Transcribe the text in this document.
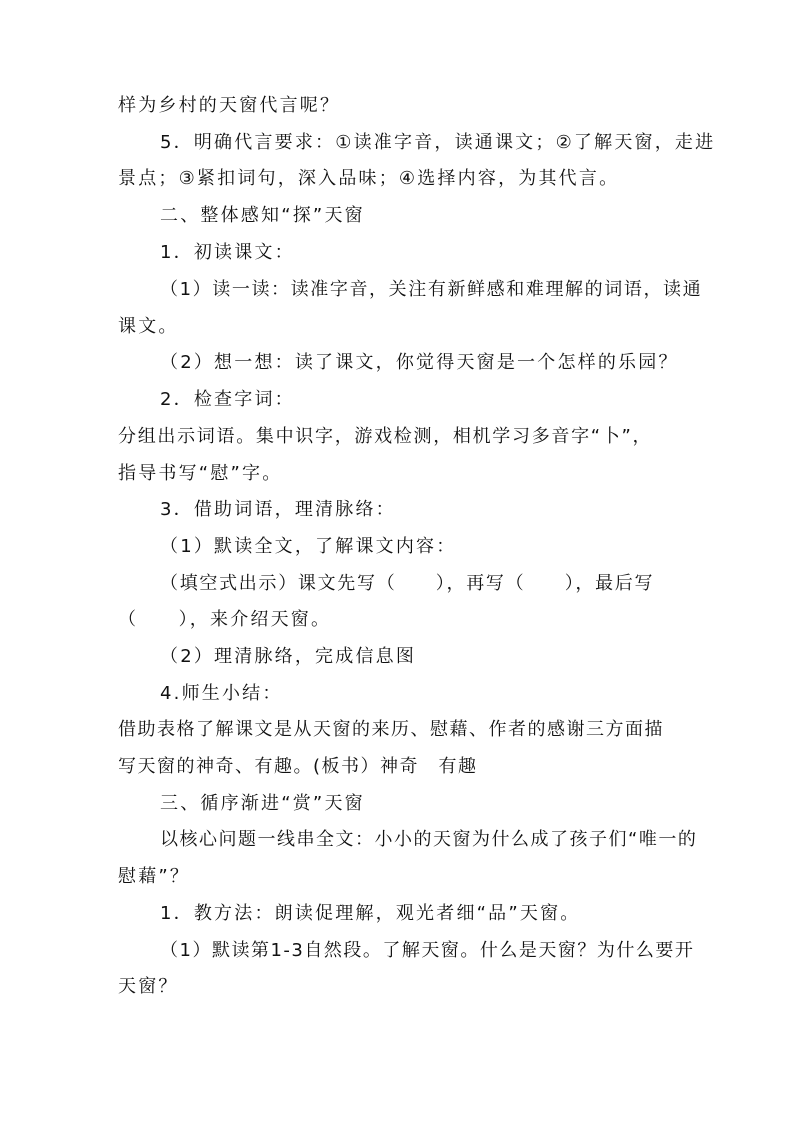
样为乡村的天窗代言呢？
5．明确代言要求：①读准字音，读通课文；②了解天窗，走进
景点；③紧扣词句，深入品味；④选择内容，为其代言。
二、整体感知“探”天窗
1．初读课文：
（1）读一读：读准字音，关注有新鲜感和难理解的词语，读通
课文。
（2）想一想：读了课文，你觉得天窗是一个怎样的乐园？
2．检查字词：
分组出示词语。集中识字，游戏检测，相机学习多音字“卜”，
指导书写“慰”字。
3．借助词语，理清脉络：
（1）默读全文，了解课文内容：
（填空式出示）课文先写（　　），再写（　　），最后写
（　　），来介绍天窗。
（2）理清脉络，完成信息图
4.师生小结：
借助表格了解课文是从天窗的来历、慰藉、作者的感谢三方面描
写天窗的神奇、有趣。(板书）神奇　有趣
三、循序渐进“赏”天窗
以核心问题一线串全文：小小的天窗为什么成了孩子们“唯一的
慰藉”？
1．教方法：朗读促理解，观光者细“品”天窗。
（1）默读第1-3自然段。了解天窗。什么是天窗？为什么要开
天窗？
